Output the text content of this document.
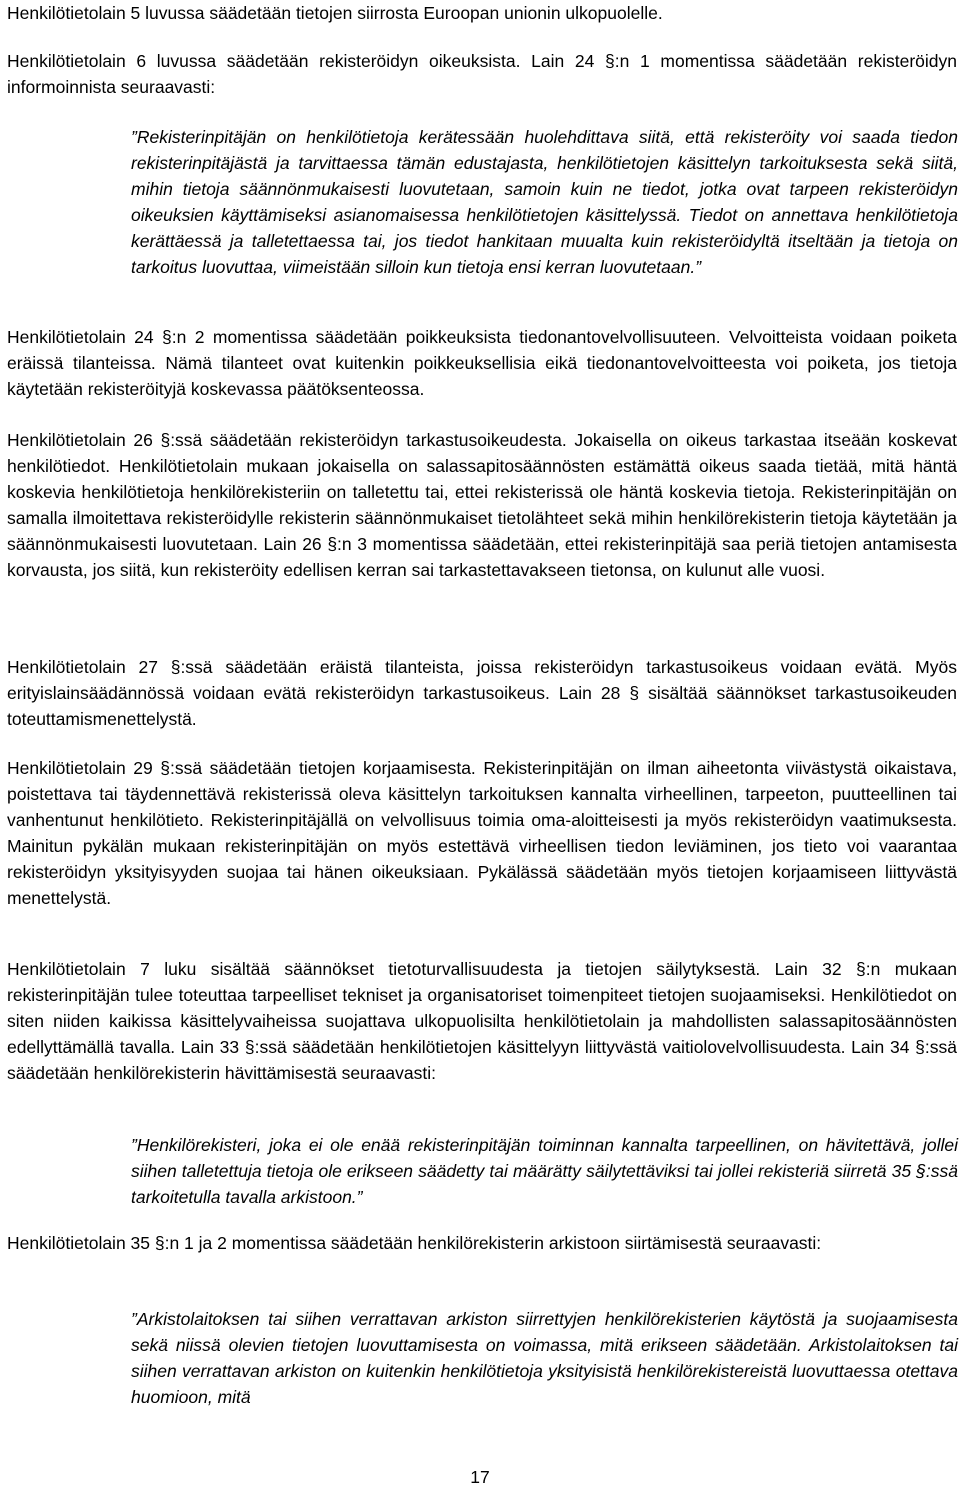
Henkilötietolain 5 luvussa säädetään tietojen siirrosta Euroopan unionin ulkopuolelle.

Henkilötietolain 6 luvussa säädetään rekisteröidyn oikeuksista. Lain 24 §:n 1 momentissa säädetään rekisteröidyn informoinnista seuraavasti:

”Rekisterinpitäjän on henkilötietoja kerätessään huolehdittava siitä, että rekisteröity voi saada tiedon rekisterinpitäjästä ja tarvittaessa tämän edustajasta, henkilötietojen käsittelyn tarkoituksesta sekä siitä, mihin tietoja säännönmukaisesti luovutetaan, samoin kuin ne tiedot, jotka ovat tarpeen rekisteröidyn oikeuksien käyttämiseksi asianomaisessa henkilötietojen käsittelyssä. Tiedot on annettava henkilötietoja kerättäessä ja talletettaessa tai, jos tiedot hankitaan muualta kuin rekisteröidyltä itseltään ja tietoja on tarkoitus luovuttaa, viimeistään silloin kun tietoja ensi kerran luovutetaan.”

Henkilötietolain 24 §:n 2 momentissa säädetään poikkeuksista tiedonantovelvollisuuteen. Velvoitteista voidaan poiketa eräissä tilanteissa. Nämä tilanteet ovat kuitenkin poikkeuksellisia eikä tiedonantovelvoitteesta voi poiketa, jos tietoja käytetään rekisteröityjä koskevassa päätöksenteossa.

Henkilötietolain 26 §:ssä säädetään rekisteröidyn tarkastusoikeudesta. Jokaisella on oikeus tarkastaa itseään koskevat henkilötiedot. Henkilötietolain mukaan jokaisella on salassapitosäännösten estämättä oikeus saada tietää, mitä häntä koskevia henkilötietoja henkilörekisteriin on talletettu tai, ettei rekisterissä ole häntä koskevia tietoja. Rekisterinpitäjän on samalla ilmoitettava rekisteröidylle rekisterin säännönmukaiset tietolähteet sekä mihin henkilörekisterin tietoja käytetään ja säännönmukaisesti luovutetaan. Lain 26 §:n 3 momentissa säädetään, ettei rekisterinpitäjä saa periä tietojen antamisesta korvausta, jos siitä, kun rekisteröity edellisen kerran sai tarkastettavakseen tietonsa, on kulunut alle vuosi.

Henkilötietolain 27 §:ssä säädetään eräistä tilanteista, joissa rekisteröidyn tarkastusoikeus voidaan evätä. Myös erityislainsäädännössä voidaan evätä rekisteröidyn tarkastusoikeus. Lain 28 § sisältää säännökset tarkastusoikeuden toteuttamismenettelystä.

Henkilötietolain 29 §:ssä säädetään tietojen korjaamisesta. Rekisterinpitäjän on ilman aiheetonta viivästystä oikaistava, poistettava tai täydennettävä rekisterissä oleva käsittelyn tarkoituksen kannalta virheellinen, tarpeeton, puutteellinen tai vanhentunut henkilötieto. Rekisterinpitäjällä on velvollisuus toimia oma-aloitteisesti ja myös rekisteröidyn vaatimuksesta. Mainitun pykälän mukaan rekisterinpitäjän on myös estettävä virheellisen tiedon leviäminen, jos tieto voi vaarantaa rekisteröidyn yksityisyyden suojaa tai hänen oikeuksiaan. Pykälässä säädetään myös tietojen korjaamiseen liittyvästä menettelystä.

Henkilötietolain 7 luku sisältää säännökset tietoturvallisuudesta ja tietojen säilytyksestä. Lain 32 §:n mukaan rekisterinpitäjän tulee toteuttaa tarpeelliset tekniset ja organisatoriset toimenpiteet tietojen suojaamiseksi. Henkilötiedot on siten niiden kaikissa käsittelyvaiheissa suojattava ulkopuolisilta henkilötietolain ja mahdollisten salassapitosäännösten edellyttämällä tavalla. Lain 33 §:ssä säädetään henkilötietojen käsittelyyn liittyvästä vaitiolovelvollisuudesta. Lain 34 §:ssä säädetään henkilörekisterin hävittämisestä seuraavasti:

”Henkilörekisteri, joka ei ole enää rekisterinpitäjän toiminnan kannalta tarpeellinen, on hävitettävä, jollei siihen talletettuja tietoja ole erikseen säädetty tai määrätty säilytettäviksi tai jollei rekisteriä siirretä 35 §:ssä tarkoitetulla tavalla arkistoon.”

Henkilötietolain 35 §:n 1 ja 2 momentissa säädetään henkilörekisterin arkistoon siirtämisestä seuraavasti:

”Arkistolaitoksen tai siihen verrattavan arkiston siirrettyjen henkilörekisterien käytöstä ja suojaamisesta sekä niissä olevien tietojen luovuttamisesta on voimassa, mitä erikseen säädetään. Arkistolaitoksen tai siihen verrattavan arkiston on kuitenkin henkilötietoja yksityisistä henkilörekistereistä luovuttaessa otettava huomioon, mitä

17
